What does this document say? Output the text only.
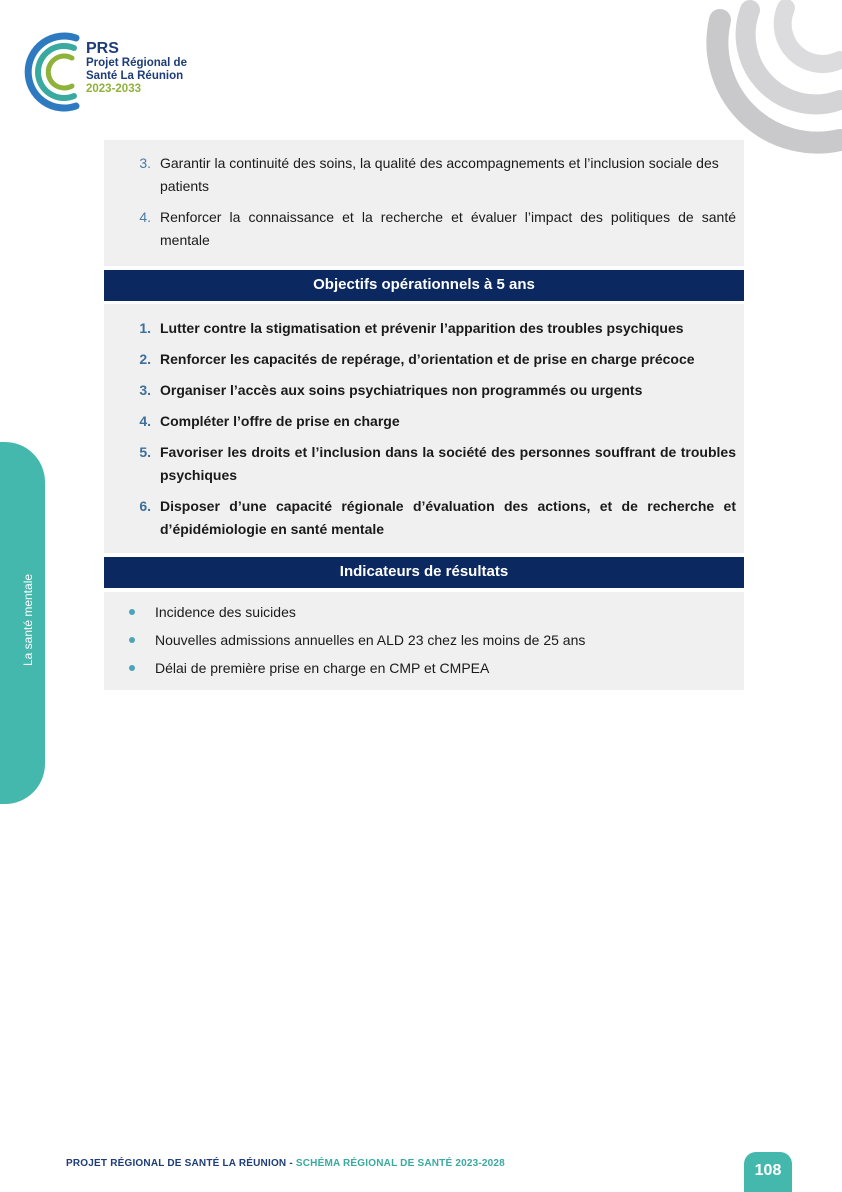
PRS
Projet Régional de
Santé La Réunion
2023-2033
La santé mentale
3. Garantir la continuité des soins, la qualité des accompagnements et l’inclusion sociale des patients
4. Renforcer la connaissance et la recherche et évaluer l’impact des politiques de santé mentale
Objectifs opérationnels à 5 ans
1. Lutter contre la stigmatisation et prévenir l’apparition des troubles psychiques
2. Renforcer les capacités de repérage, d’orientation et de prise en charge précoce
3. Organiser l’accès aux soins psychiatriques non programmés ou urgents
4. Compléter l’offre de prise en charge
5. Favoriser les droits et l’inclusion dans la société des personnes souffrant de troubles psychiques
6. Disposer d’une capacité régionale d’évaluation des actions, et de recherche et d’épidémiologie en santé mentale
Indicateurs de résultats
Incidence des suicides
Nouvelles admissions annuelles en ALD 23 chez les moins de 25 ans
Délai de première prise en charge en CMP et CMPEA
PROJET RÉGIONAL DE SANTÉ LA RÉUNION - SCHÉMA RÉGIONAL DE SANTÉ 2023-2028	108
